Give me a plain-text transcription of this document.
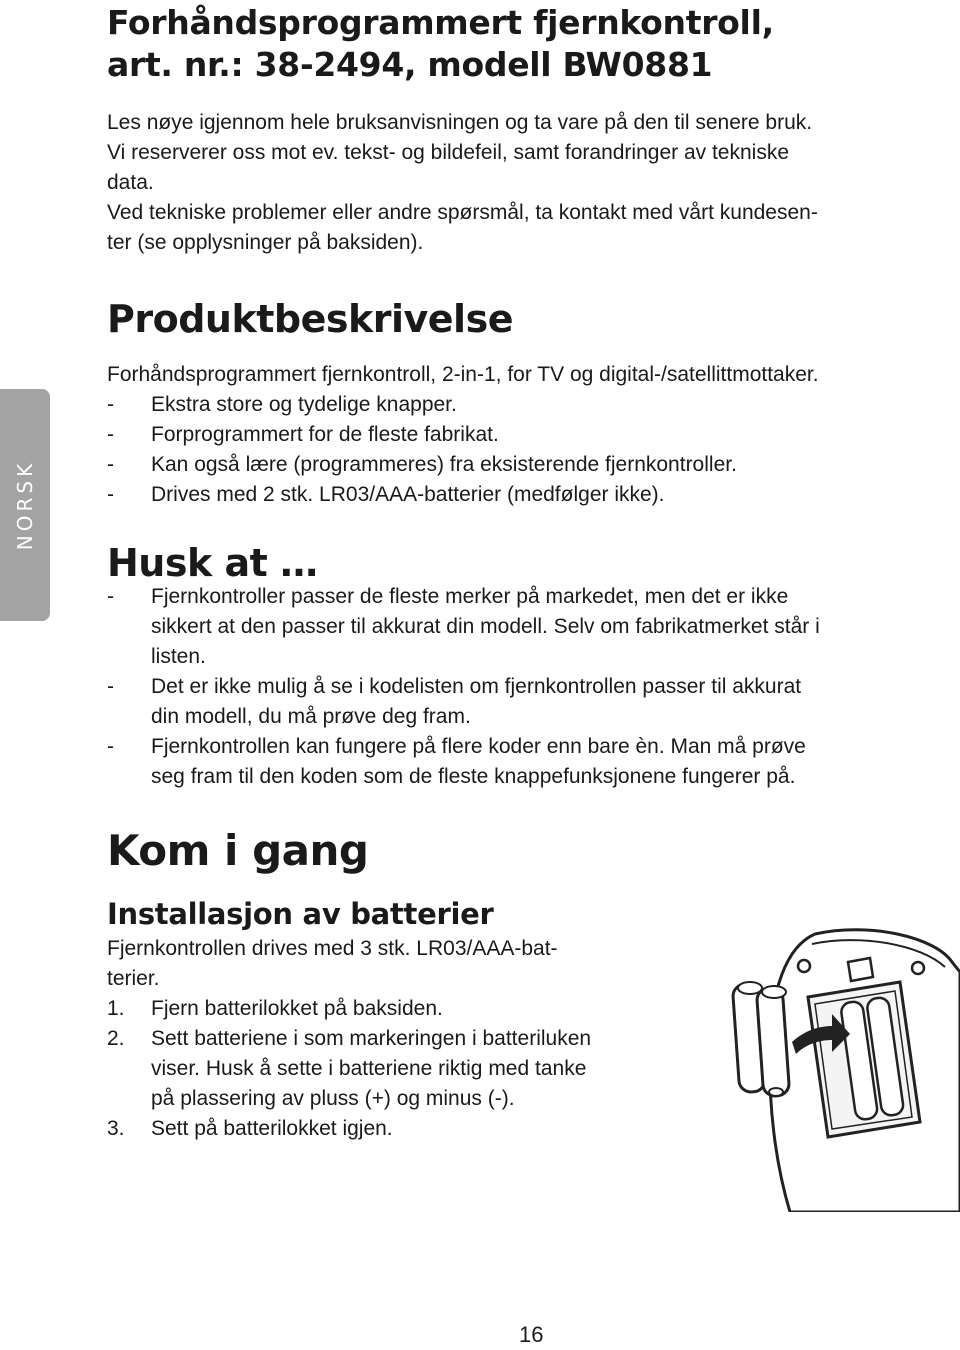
Forhåndsprogrammert fjernkontroll,
art. nr.: 38-2494, modell BW0881

Les nøye igjennom hele bruksanvisningen og ta vare på den til senere bruk.
Vi reserverer oss mot ev. tekst- og bildefeil, samt forandringer av tekniske
data.
Ved tekniske problemer eller andre spørsmål, ta kontakt med vårt kundesen-
ter (se opplysninger på baksiden).

NORSK
Produktbeskrivelse

Forhåndsprogrammert fjernkontroll, 2-in-1, for TV og digital-/satellittmottaker.

-	Ekstra store og tydelige knapper.
-	Forprogrammert for de fleste fabrikat.
-	Kan også lære (programmeres) fra eksisterende fjernkontroller.
-	Drives med 2 stk. LR03/AAA-batterier (medfølger ikke).
Husk at …
-	Fjernkontroller passer de fleste merker på markedet, men det er ikke
sikkert at den passer til akkurat din modell. Selv om fabrikatmerket står i
listen.
-	Det er ikke mulig å se i kodelisten om fjernkontrollen passer til akkurat
din modell, du må prøve deg fram.
-	Fjernkontrollen kan fungere på flere koder enn bare èn. Man må prøve
seg fram til den koden som de fleste knappefunksjonene fungerer på.
Kom i gang
Installasjon av batterier

Fjernkontrollen drives med 3 stk. LR03/AAA-bat-
terier.

1.	Fjern batterilokket på baksiden.
2.	Sett batteriene i som markeringen i batteriluken
viser. Husk å sette i batteriene riktig med tanke
på plassering av pluss (+) og minus (-).
3.	Sett på batterilokket igjen.
16
